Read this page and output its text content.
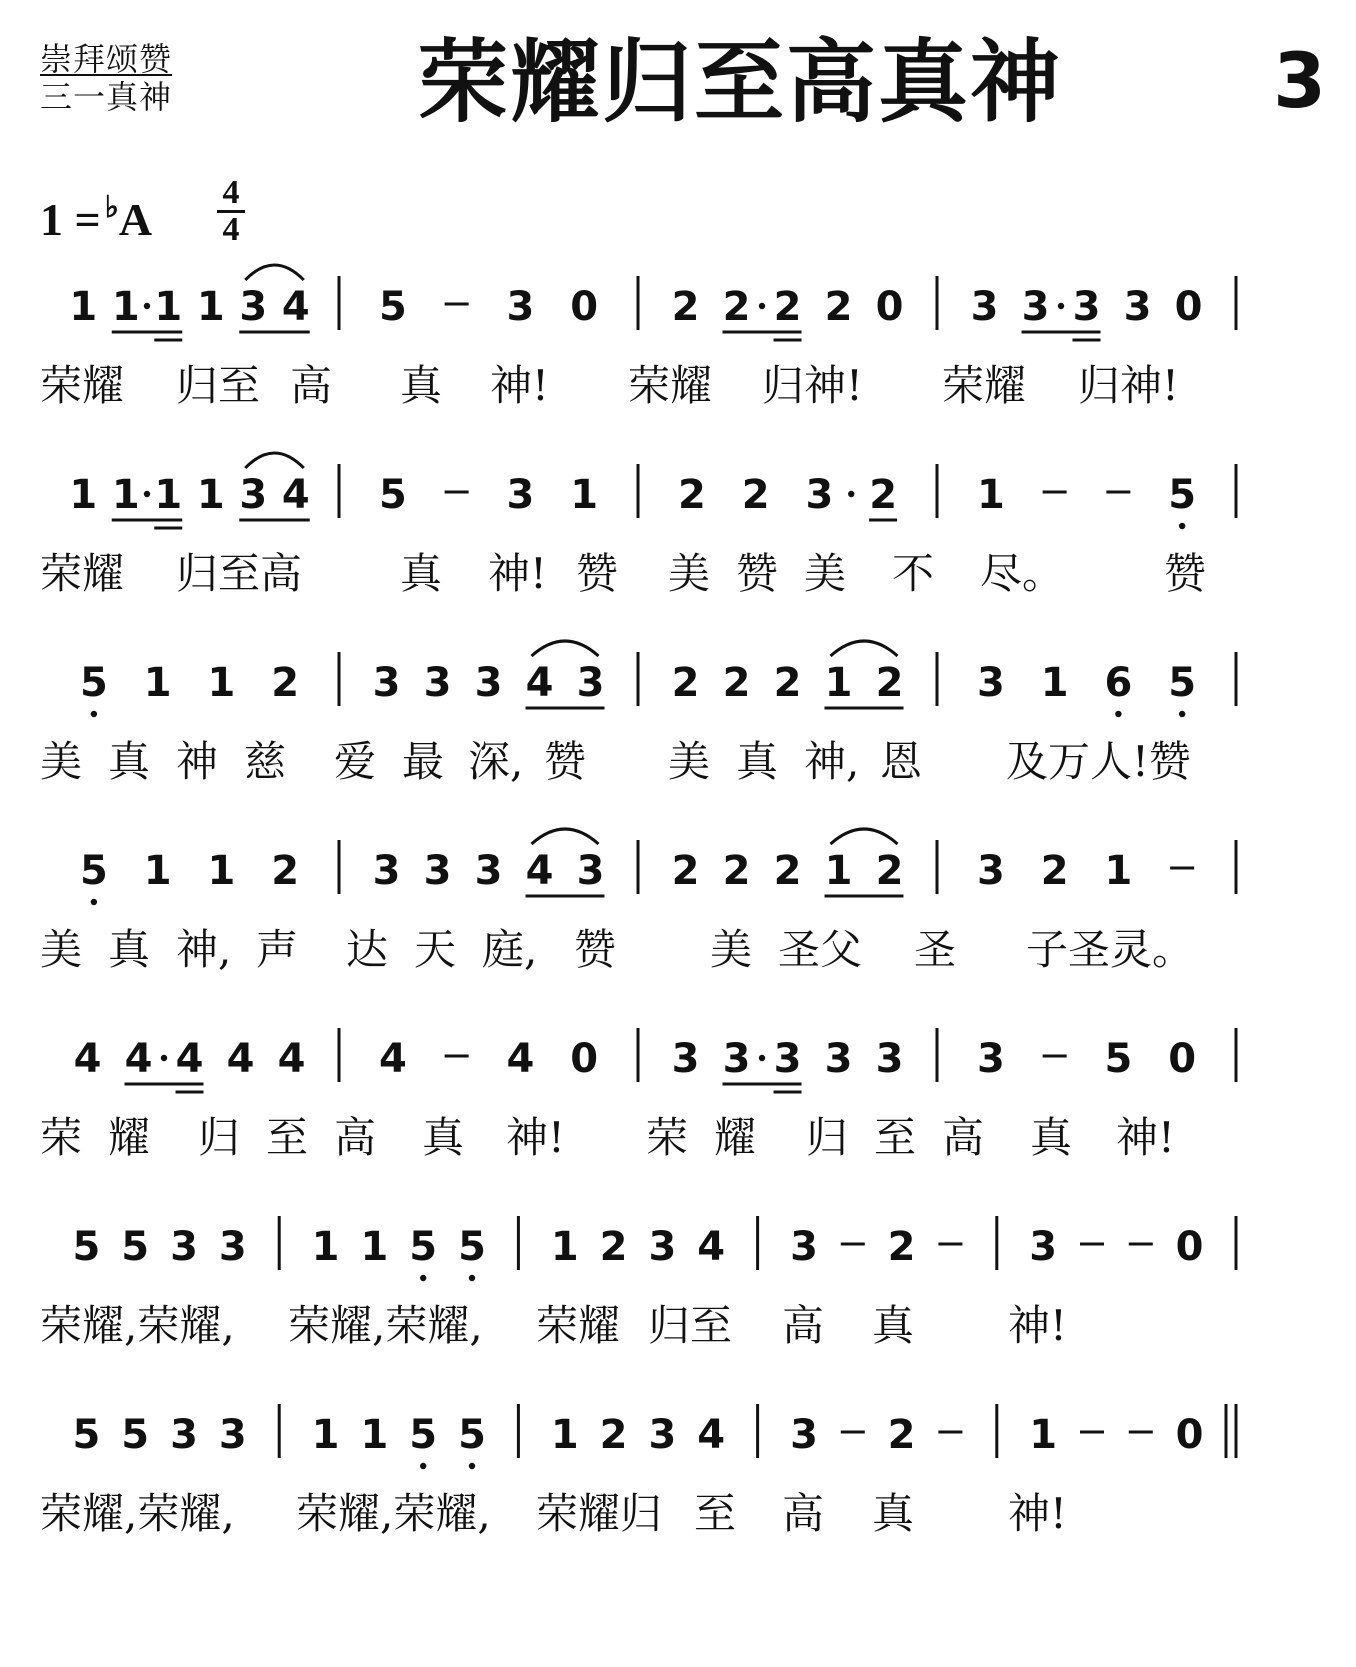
崇拜颂赞
三一真神	荣耀归至高真神	3
1 = ♭A
4
4
1 1 1 1 3 4 5 3 0 2 2 2 2 0 3 3 3 3 0
荣耀 归至 高 真 神! 荣耀 归神! 荣耀 归神!
1 1 1 1 3 4 5 3 1 2 2 3 2 1	5
荣耀 归至高 真 神! 赞 美 赞 美 不 尽。 赞
5 1 1 2 3 3 3 4 3 2 2 2 1 2 3 1 6 5
美 真 神 慈 爱 最 深, 赞 美 真 神, 恩 及万人!赞
5 1 1 2 3 3 3 4 3 2 2 2 1 2 3 2 1
美 真 神, 声 达 天 庭, 赞 美 圣父 圣 子圣灵。
4 4 4 4 4 4 4 0 3 3 3 3 3 3 5 0
荣 耀 归 至 高 真 神! 荣 耀 归 至 高 真 神!
5 5 3 3 1 1 5 5 1 2 3 4 3 2	3	0
荣耀,荣耀, 荣耀,荣耀, 荣耀 归至 高 真 神!
5 5 3 3 1 1 5 5 1 2 3 4 3 2	1	0
荣耀,荣耀, 荣耀,荣耀, 荣耀归 至 高 真 神!
